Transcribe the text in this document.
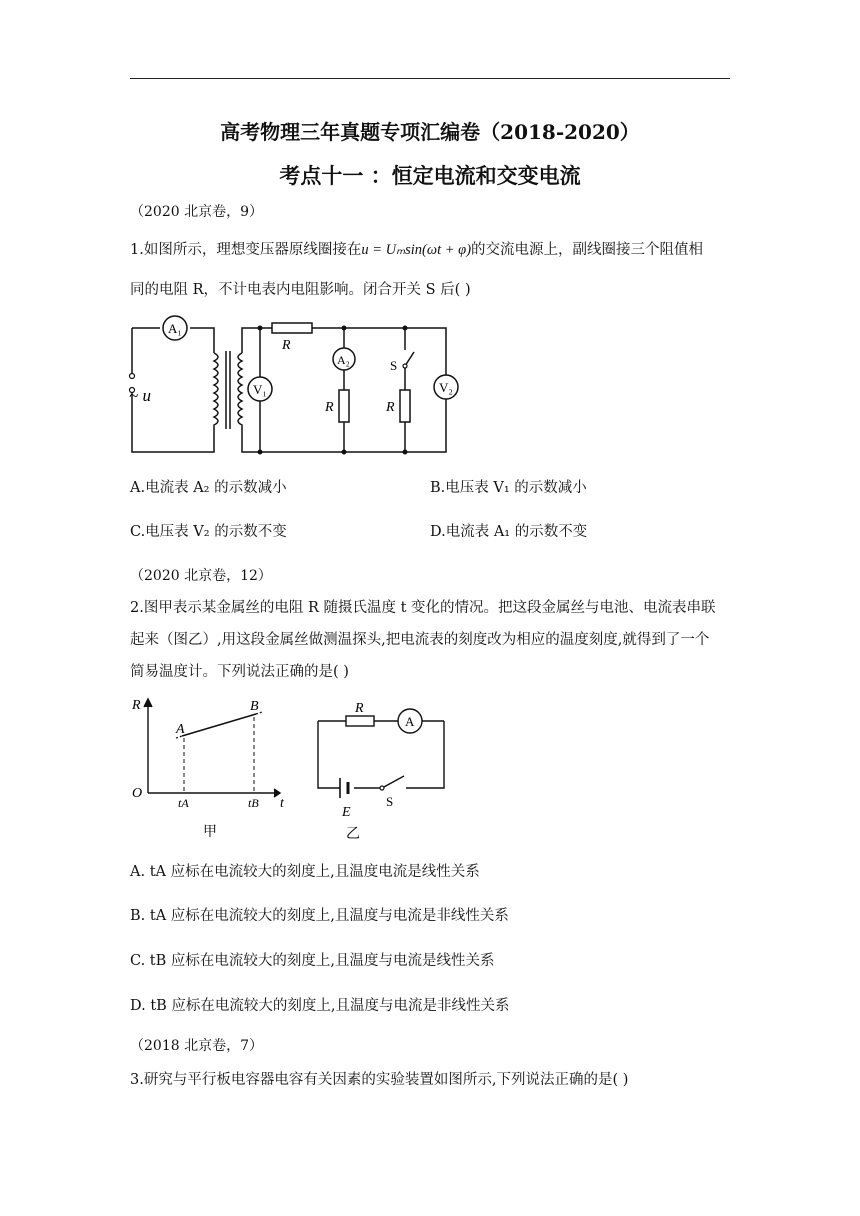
高考物理三年真题专项汇编卷（2018-2020）
考点十一 ：恒定电流和交变电流
（2020 北京卷，9）
1.如图所示，理想变压器原线圈接在u = Uₘsin(ωt + φ)的交流电源上，副线圈接三个阻值相
同的电阻 R，不计电表内电阻影响。闭合开关 S 后( )
A₁
V₁
R
A₂
R
S
R
V₂
~ u
A.电流表 A₂ 的示数减小	B.电压表 V₁ 的示数减小
C.电压表 V₂ 的示数不变	D.电流表 A₁ 的示数不变
（2020 北京卷，12）
2.图甲表示某金属丝的电阻 R 随摄氏温度 t 变化的情况。把这段金属丝与电池、电流表串联
起来（图乙）,用这段金属丝做测温探头,把电流表的刻度改为相应的温度刻度,就得到了一个
简易温度计。下列说法正确的是( )
R
t
O
A
B
tA	tB
甲
R
A
E
S
乙
A. tA 应标在电流较大的刻度上,且温度电流是线性关系
B. tA 应标在电流较大的刻度上,且温度与电流是非线性关系
C. tB 应标在电流较大的刻度上,且温度与电流是线性关系
D. tB 应标在电流较大的刻度上,且温度与电流是非线性关系
（2018 北京卷，7）
3.研究与平行板电容器电容有关因素的实验装置如图所示,下列说法正确的是( )
